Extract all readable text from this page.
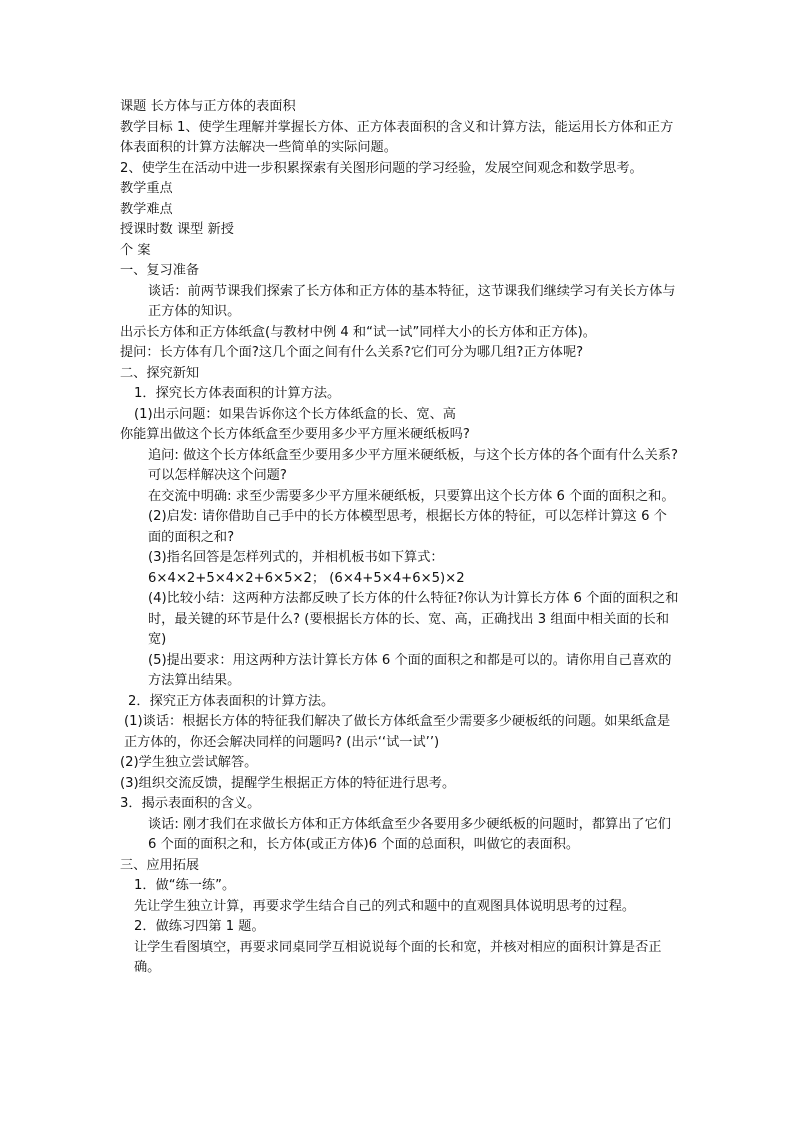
课题 长方体与正方体的表面积

教学目标 1、使学生理解并掌握长方体、正方体表面积的含义和计算方法，能运用长方体和正方体表面积的计算方法解决一些简单的实际问题。

2、使学生在活动中进一步积累探索有关图形问题的学习经验，发展空间观念和数学思考。

教学重点

教学难点

授课时数 课型 新授

个 案

一、复习准备

谈话：前两节课我们探索了长方体和正方体的基本特征，这节课我们继续学习有关长方体与正方体的知识。

出示长方体和正方体纸盒(与教材中例 4 和“试一试”同样大小的长方体和正方体)。

提问：长方体有几个面?这几个面之间有什么关系?它们可分为哪几组?正方体呢?

二、探究新知

1．探究长方体表面积的计算方法。

(1)出示问题：如果告诉你这个长方体纸盒的长、宽、高

你能算出做这个长方体纸盒至少要用多少平方厘米硬纸板吗?

追问: 做这个长方体纸盒至少要用多少平方厘米硬纸板，与这个长方体的各个面有什么关系?可以怎样解决这个问题?

在交流中明确: 求至少需要多少平方厘米硬纸板，只要算出这个长方体 6 个面的面积之和。

(2)启发: 请你借助自己手中的长方体模型思考，根据长方体的特征，可以怎样计算这 6 个面的面积之和?

(3)指名回答是怎样列式的，并相机板书如下算式：

6×4×2+5×4×2+6×5×2； (6×4+5×4+6×5)×2

(4)比较小结：这两种方法都反映了长方体的什么特征?你认为计算长方体 6 个面的面积之和时，最关键的环节是什么? (要根据长方体的长、宽、高，正确找出 3 组面中相关面的长和宽)

(5)提出要求：用这两种方法计算长方体 6 个面的面积之和都是可以的。请你用自己喜欢的方法算出结果。

2．探究正方体表面积的计算方法。

(1)谈话：根据长方体的特征我们解决了做长方体纸盒至少需要多少硬板纸的问题。如果纸盒是正方体的，你还会解决同样的问题吗? (出示‘‘试一试’’)

(2)学生独立尝试解答。

(3)组织交流反馈，提醒学生根据正方体的特征进行思考。

3．揭示表面积的含义。

谈话: 刚才我们在求做长方体和正方体纸盒至少各要用多少硬纸板的问题时，都算出了它们 6 个面的面积之和，长方体(或正方体)6 个面的总面积，叫做它的表面积。

三、应用拓展

1．做“练一练”。

先让学生独立计算，再要求学生结合自己的列式和题中的直观图具体说明思考的过程。

2．做练习四第 1 题。

让学生看图填空，再要求同桌同学互相说说每个面的长和宽，并核对相应的面积计算是否正确。
